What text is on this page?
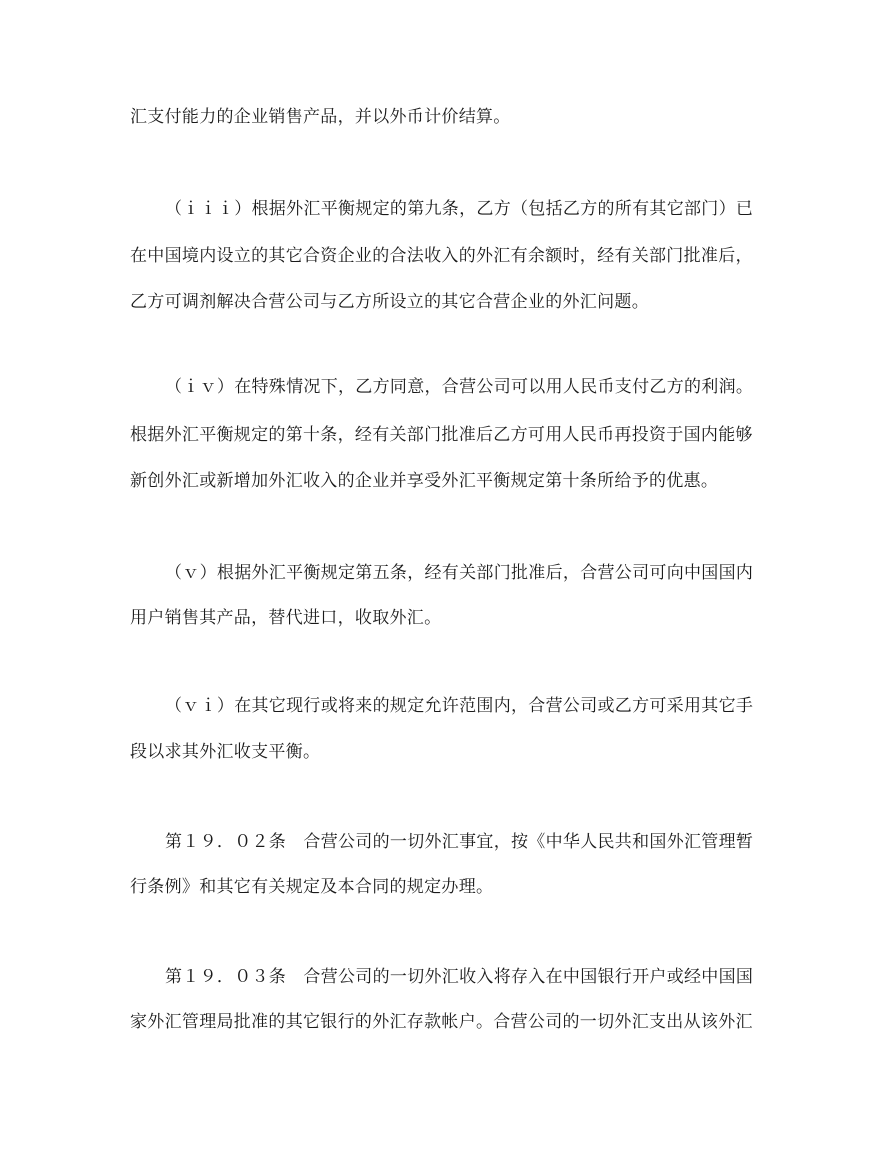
汇支付能力的企业销售产品，并以外币计价结算。
（ｉｉｉ）根据外汇平衡规定的第九条，乙方（包括乙方的所有其它部门）已
在中国境内设立的其它合资企业的合法收入的外汇有余额时，经有关部门批准后，
乙方可调剂解决合营公司与乙方所设立的其它合营企业的外汇问题。
（ｉｖ）在特殊情况下，乙方同意，合营公司可以用人民币支付乙方的利润。
根据外汇平衡规定的第十条，经有关部门批准后乙方可用人民币再投资于国内能够
新创外汇或新增加外汇收入的企业并享受外汇平衡规定第十条所给予的优惠。
（ｖ）根据外汇平衡规定第五条，经有关部门批准后，合营公司可向中国国内
用户销售其产品，替代进口，收取外汇。
（ｖｉ）在其它现行或将来的规定允许范围内，合营公司或乙方可采用其它手
段以求其外汇收支平衡。
第１９．０２条　合营公司的一切外汇事宜，按《中华人民共和国外汇管理暂
行条例》和其它有关规定及本合同的规定办理。
第１９．０３条　合营公司的一切外汇收入将存入在中国银行开户或经中国国
家外汇管理局批准的其它银行的外汇存款帐户。合营公司的一切外汇支出从该外汇
